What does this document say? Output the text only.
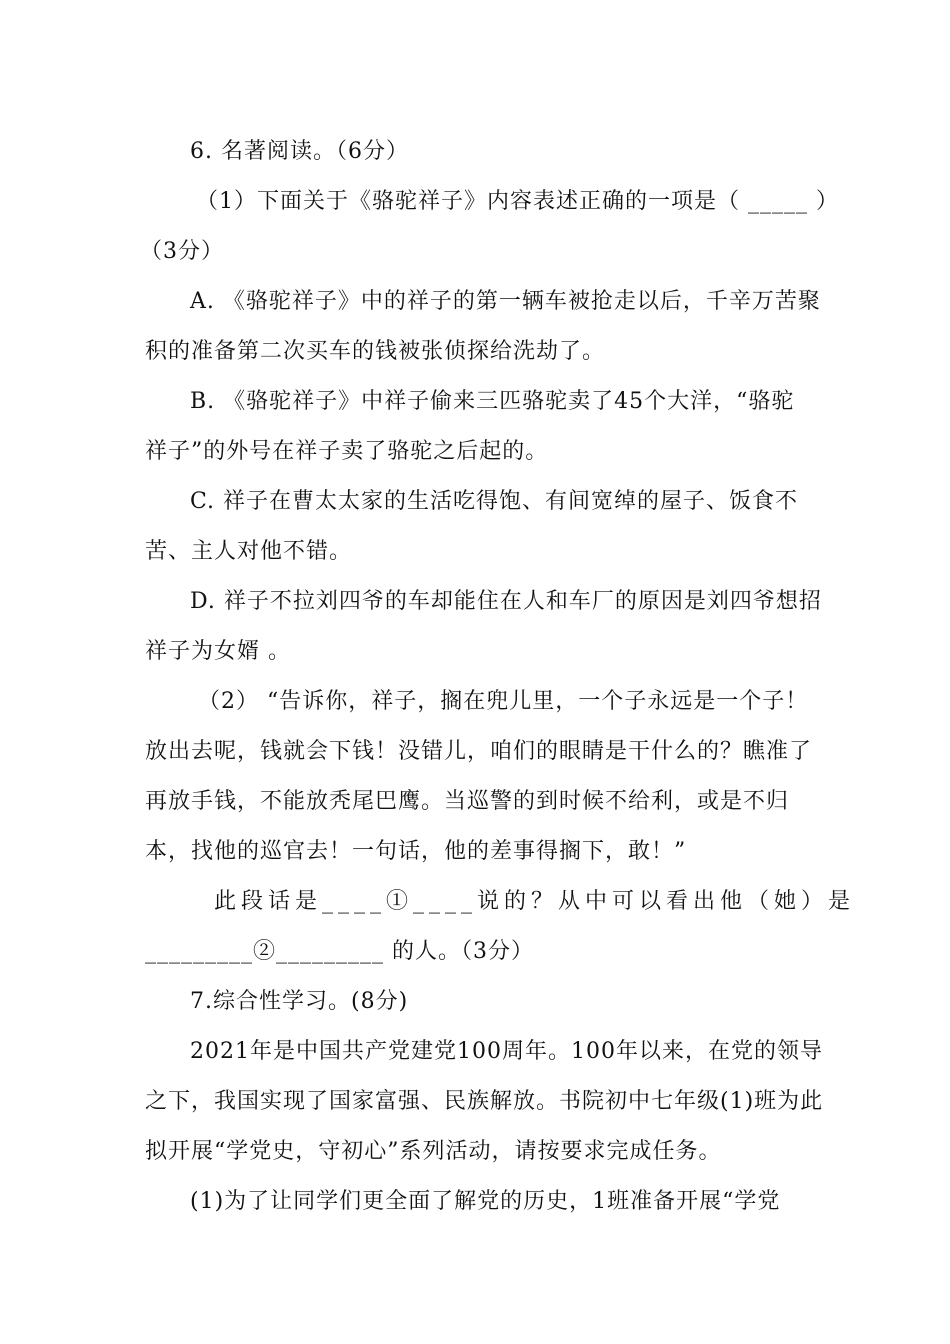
6. 名著阅读。（6分）
（1）下面关于《骆驼祥子》内容表述正确的一项是（ _____ ）
（3分）
A. 《骆驼祥子》中的祥子的第一辆车被抢走以后，千辛万苦聚
积的准备第二次买车的钱被张侦探给洗劫了。
B. 《骆驼祥子》中祥子偷来三匹骆驼卖了45个大洋，“骆驼
祥子”的外号在祥子卖了骆驼之后起的。
C. 祥子在曹太太家的生活吃得饱、有间宽绰的屋子、饭食不
苦、主人对他不错。
D. 祥子不拉刘四爷的车却能住在人和车厂的原因是刘四爷想招
祥子为女婿 。
（2） “告诉你，祥子，搁在兜儿里，一个子永远是一个子！
放出去呢，钱就会下钱！没错儿，咱们的眼睛是干什么的？瞧准了
再放手钱，不能放秃尾巴鹰。当巡警的到时候不给利，或是不归
本，找他的巡官去！一句话，他的差事得搁下，敢！”
此段话是____①____说的？从中可以看出他（她）是
_________②_________ 的人。（3分）
7.综合性学习。(8分)
2021年是中国共产党建党100周年。100年以来，在党的领导
之下，我国实现了国家富强、民族解放。书院初中七年级(1)班为此
拟开展“学党史，守初心”系列活动，请按要求完成任务。
(1)为了让同学们更全面了解党的历史，1班准备开展“学党
